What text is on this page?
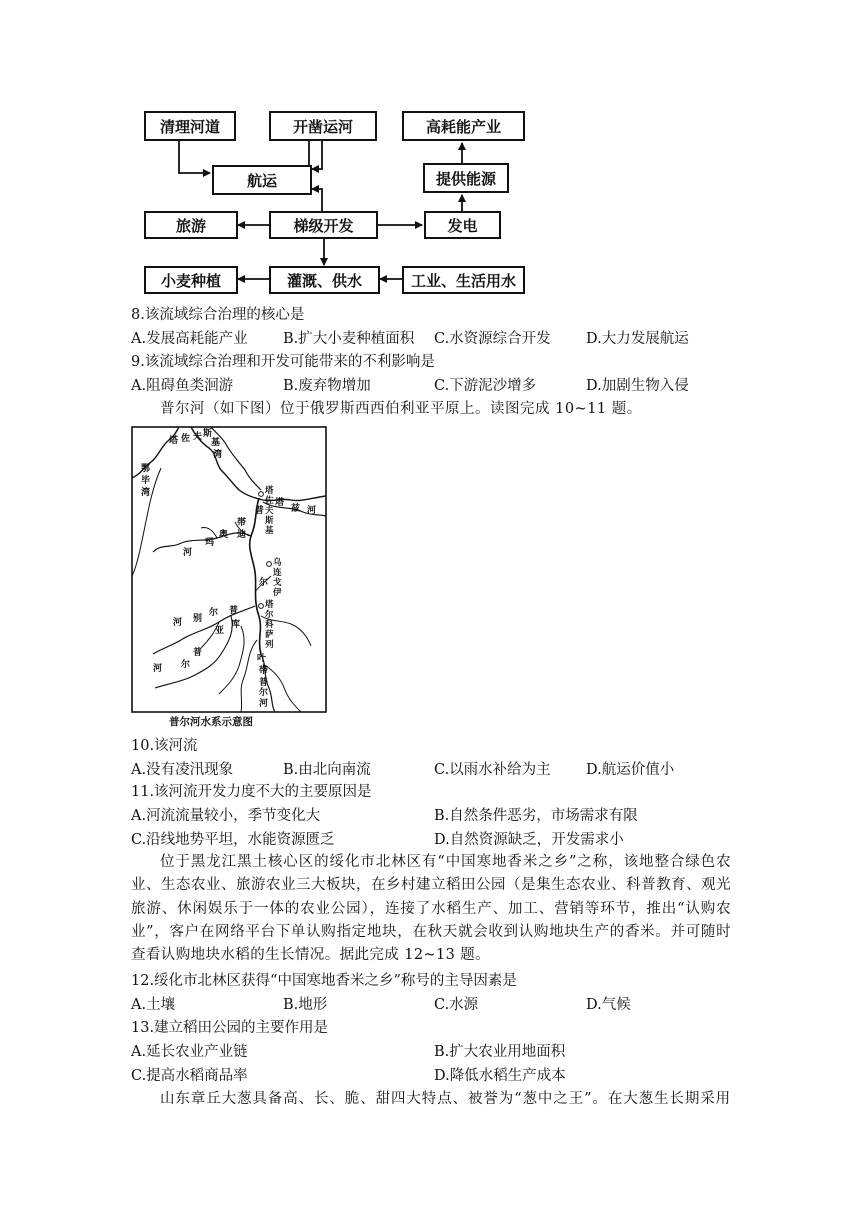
清理河道	开凿运河	高耗能产业
航运	提供能源
旅游	梯级开发	发电
小麦种植	灌溉、供水	工业、生活用水
8.该流域综合治理的核心是
A.发展高耗能产业 B.扩大小麦种植面积 C.水资源综合开发 D.大力发展航运
9.该流域综合治理和开发可能带来的不利影响是
A.阻碍鱼类洄游	B.废弃物增加	C.下游泥沙增多	D.加剧生物入侵
普尔河（如下图）位于俄罗斯西西伯利亚平原上。读图完成 10~11 题。
塔 佐 夫 斯
基
湾
鄂
毕
湾	塔佐夫斯基
塔
兹 河
普
帯
迪
玛
奥
河
乌连戈伊
尔
塔尔科萨列
河 别
尔 普
亚
库
普
河 尔
叶
帯
普
尔
河
普尔河水系示意图
10.该河流
A.没有凌汛现象	B.由北向南流	C.以雨水补给为主 D.航运价值小
11.该河流开发力度不大的主要原因是
A.河流流量较小，季节变化大	B.自然条件恶劣，市场需求有限
C.沿线地势平坦，水能资源匮乏	D.自然资源缺乏，开发需求小
位于黑龙江黑土核心区的绥化市北林区有“中国寒地香米之乡”之称，该地整合绿色农业、生态农业、旅游农业三大板块，在乡村建立稻田公园（是集生态农业、科普教育、观光旅游、休闲娱乐于一体的农业公园），连接了水稻生产、加工、营销等环节，推出“认购农业”，客户在网络平台下单认购指定地块，在秋天就会收到认购地块生产的香米。并可随时查看认购地块水稻的生长情况。据此完成 12~13 题。
12.绥化市北林区获得“中国寒地香米之乡”称号的主导因素是
A.土壤	B.地形	C.水源	D.气候
13.建立稻田公园的主要作用是
A.延长农业产业链	B.扩大农业用地面积
C.提高水稻商品率	D.降低水稻生产成本
山东章丘大葱具备高、长、脆、甜四大特点、被誉为“葱中之王”。在大葱生长期采用
